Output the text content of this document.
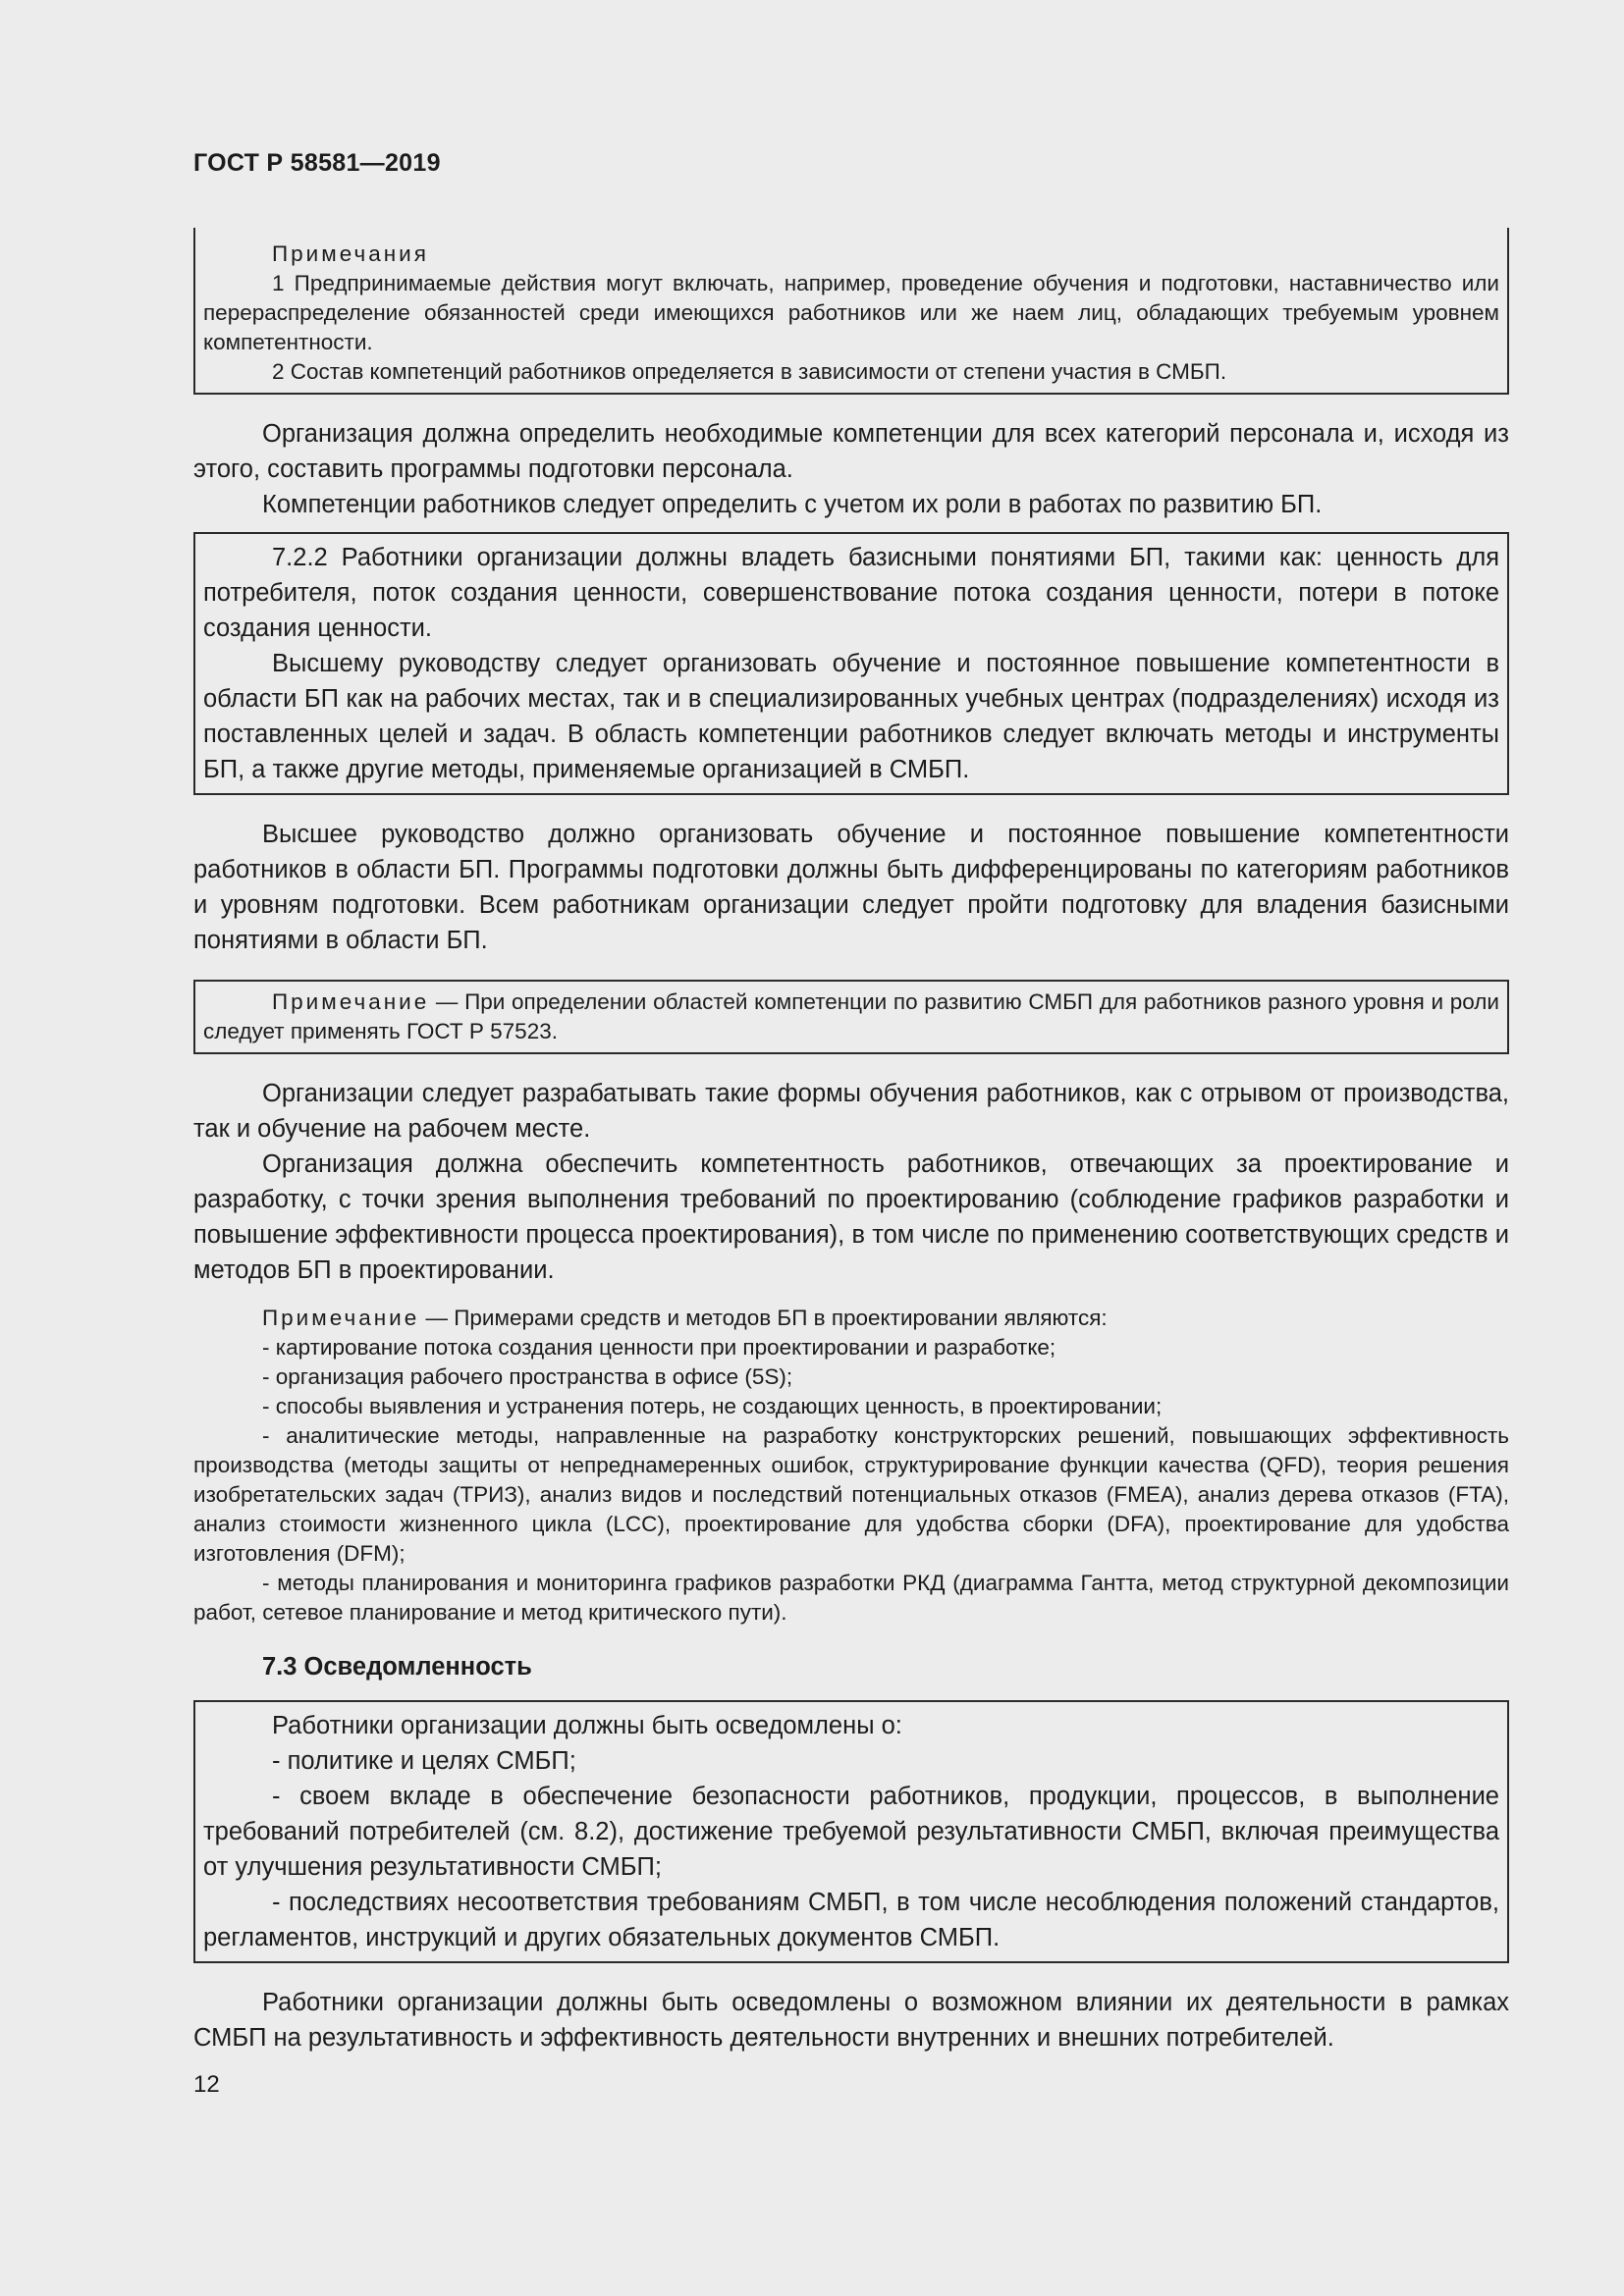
ГОСТ Р 58581—2019

Примечания

1 Предпринимаемые действия могут включать, например, проведение обучения и подготовки, наставничество или перераспределение обязанностей среди имеющихся работников или же наем лиц, обладающих требуемым уровнем компетентности.

2 Состав компетенций работников определяется в зависимости от степени участия в СМБП.

Организация должна определить необходимые компетенции для всех категорий персонала и, исходя из этого, составить программы подготовки персонала.

Компетенции работников следует определить с учетом их роли в работах по развитию БП.

7.2.2 Работники организации должны владеть базисными понятиями БП, такими как: ценность для потребителя, поток создания ценности, совершенствование потока создания ценности, потери в потоке создания ценности.

Высшему руководству следует организовать обучение и постоянное повышение компетентности в области БП как на рабочих местах, так и в специализированных учебных центрах (подразделениях) исходя из поставленных целей и задач. В область компетенции работников следует включать методы и инструменты БП, а также другие методы, применяемые организацией в СМБП.

Высшее руководство должно организовать обучение и постоянное повышение компетентности работников в области БП. Программы подготовки должны быть дифференцированы по категориям работников и уровням подготовки. Всем работникам организации следует пройти подготовку для владения базисными понятиями в области БП.

Примечание — При определении областей компетенции по развитию СМБП для работников разного уровня и роли следует применять ГОСТ Р 57523.

Организации следует разрабатывать такие формы обучения работников, как с отрывом от производства, так и обучение на рабочем месте.

Организация должна обеспечить компетентность работников, отвечающих за проектирование и разработку, с точки зрения выполнения требований по проектированию (соблюдение графиков разработки и повышение эффективности процесса проектирования), в том числе по применению соответствующих средств и методов БП в проектировании.

Примечание — Примерами средств и методов БП в проектировании являются:

- картирование потока создания ценности при проектировании и разработке;

- организация рабочего пространства в офисе (5S);

- способы выявления и устранения потерь, не создающих ценность, в проектировании;

- аналитические методы, направленные на разработку конструкторских решений, повышающих эффективность производства (методы защиты от непреднамеренных ошибок, структурирование функции качества (QFD), теория решения изобретательских задач (ТРИЗ), анализ видов и последствий потенциальных отказов (FMEA), анализ дерева отказов (FTA), анализ стоимости жизненного цикла (LCC), проектирование для удобства сборки (DFA), проектирование для удобства изготовления (DFM);

- методы планирования и мониторинга графиков разработки РКД (диаграмма Гантта, метод структурной декомпозиции работ, сетевое планирование и метод критического пути).

7.3 Осведомленность

Работники организации должны быть осведомлены о:

- политике и целях СМБП;

- своем вкладе в обеспечение безопасности работников, продукции, процессов, в выполнение требований потребителей (см. 8.2), достижение требуемой результативности СМБП, включая преимущества от улучшения результативности СМБП;

- последствиях несоответствия требованиям СМБП, в том числе несоблюдения положений стандартов, регламентов, инструкций и других обязательных документов СМБП.

Работники организации должны быть осведомлены о возможном влиянии их деятельности в рамках СМБП на результативность и эффективность деятельности внутренних и внешних потребителей.

12
